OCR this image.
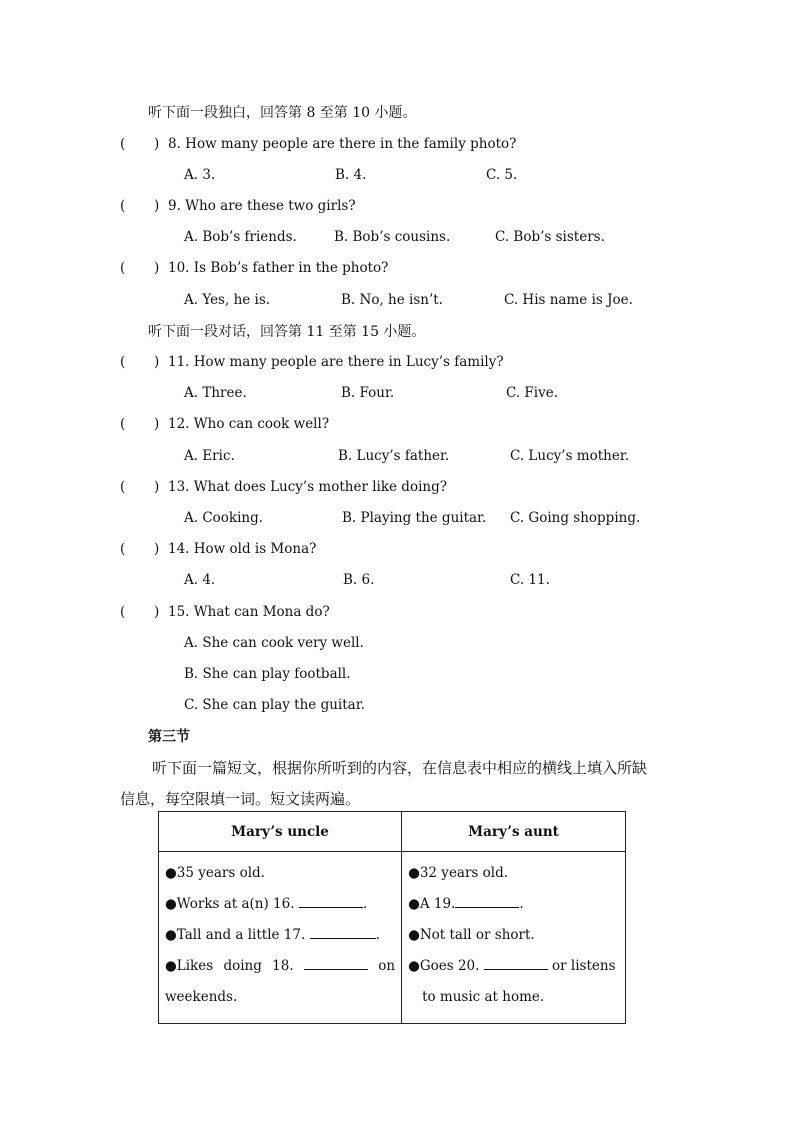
听下面一段独白，回答第 8 至第 10 小题。
( ) 8. How many people are there in the family photo?
A. 3.	B. 4.	C. 5.
( ) 9. Who are these two girls?
A. Bob’s friends.	B. Bob’s cousins.	C. Bob’s sisters.
( ) 10. Is Bob’s father in the photo?
A. Yes, he is.	B. No, he isn’t.	C. His name is Joe.
听下面一段对话，回答第 11 至第 15 小题。
( ) 11. How many people are there in Lucy’s family?
A. Three.	B. Four.	C. Five.
( ) 12. Who can cook well?
A. Eric.	B. Lucy’s father.	C. Lucy’s mother.
( ) 13. What does Lucy’s mother like doing?
A. Cooking.	B. Playing the guitar. C. Going shopping.
( ) 14. How old is Mona?
A. 4.	B. 6.	C. 11.
( ) 15. What can Mona do?
A. She can cook very well.
B. She can play football.
C. She can play the guitar.
第三节
听下面一篇短文，根据你所听到的内容，在信息表中相应的横线上填入所缺
信息，每空限填一词。短文读两遍。
Mary’s uncle	Mary’s aunt

●35 years old.
●Works at a(n) 16. .
●Tall and a little 17. .
●Likes doing 18. on
weekends.	●32 years old.
●A 19. .
●Not tall or short.
●Goes 20. or listens
to music at home.
